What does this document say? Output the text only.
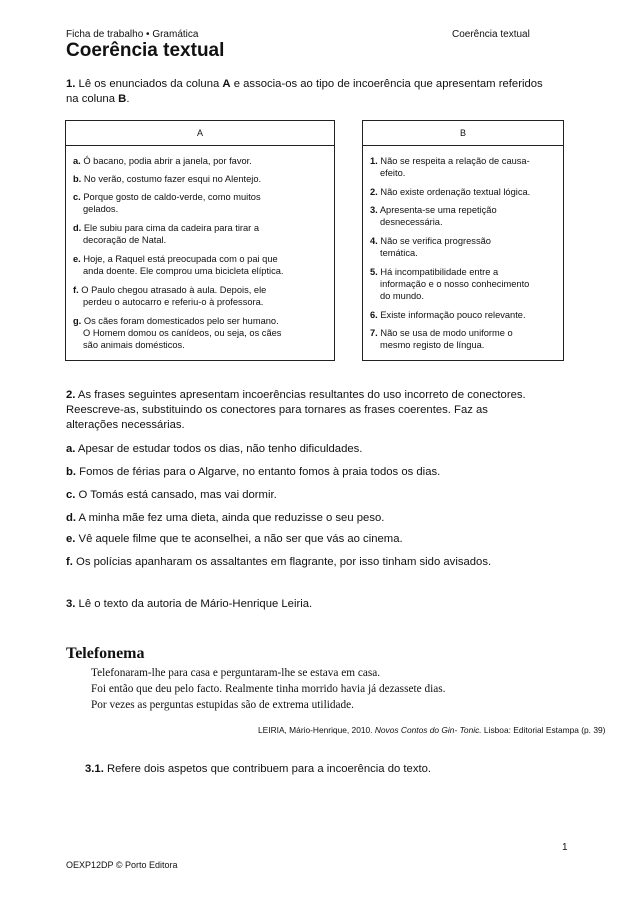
Ficha de trabalho • Gramática	Coerência textual
Coerência textual
1. Lê os enunciados da coluna A e associa-os ao tipo de incoerência que apresentam referidos
na coluna B.
A
a. Ó bacano, podia abrir a janela, por favor.
b. No verão, costumo fazer esqui no Alentejo.
c. Porque gosto de caldo-verde, como muitos
gelados.
d. Ele subiu para cima da cadeira para tirar a
decoração de Natal.
e. Hoje, a Raquel está preocupada com o pai que
anda doente. Ele comprou uma bicicleta elíptica.
f. O Paulo chegou atrasado à aula. Depois, ele
perdeu o autocarro e referiu-o à professora.
g. Os cães foram domesticados pelo ser humano.
O Homem domou os canídeos, ou seja, os cães
são animais domésticos.
B
1. Não se respeita a relação de causa-
efeito.
2. Não existe ordenação textual lógica.
3. Apresenta-se uma repetição
desnecessária.
4. Não se verifica progressão
temática.
5. Há incompatibilidade entre a
informação e o nosso conhecimento
do mundo.
6. Existe informação pouco relevante.
7. Não se usa de modo uniforme o
mesmo registo de língua.
2. As frases seguintes apresentam incoerências resultantes do uso incorreto de conectores.
Reescreve-as, substituindo os conectores para tornares as frases coerentes. Faz as
alterações necessárias.
a. Apesar de estudar todos os dias, não tenho dificuldades.
b. Fomos de férias para o Algarve, no entanto fomos à praia todos os dias.
c. O Tomás está cansado, mas vai dormir.
d. A minha mãe fez uma dieta, ainda que reduzisse o seu peso.
e. Vê aquele filme que te aconselhei, a não ser que vás ao cinema.
f. Os polícias apanharam os assaltantes em flagrante, por isso tinham sido avisados.
3. Lê o texto da autoria de Mário-Henrique Leiria.
Telefonema
Telefonaram-lhe para casa e perguntaram-lhe se estava em casa.
Foi então que deu pelo facto. Realmente tinha morrido havia já dezassete dias.
Por vezes as perguntas estupidas são de extrema utilidade.
LEIRIA, Mário-Henrique, 2010. Novos Contos do Gin- Tonic. Lisboa: Editorial Estampa (p. 39)
3.1. Refere dois aspetos que contribuem para a incoerência do texto.
1
OEXP12DP © Porto Editora
